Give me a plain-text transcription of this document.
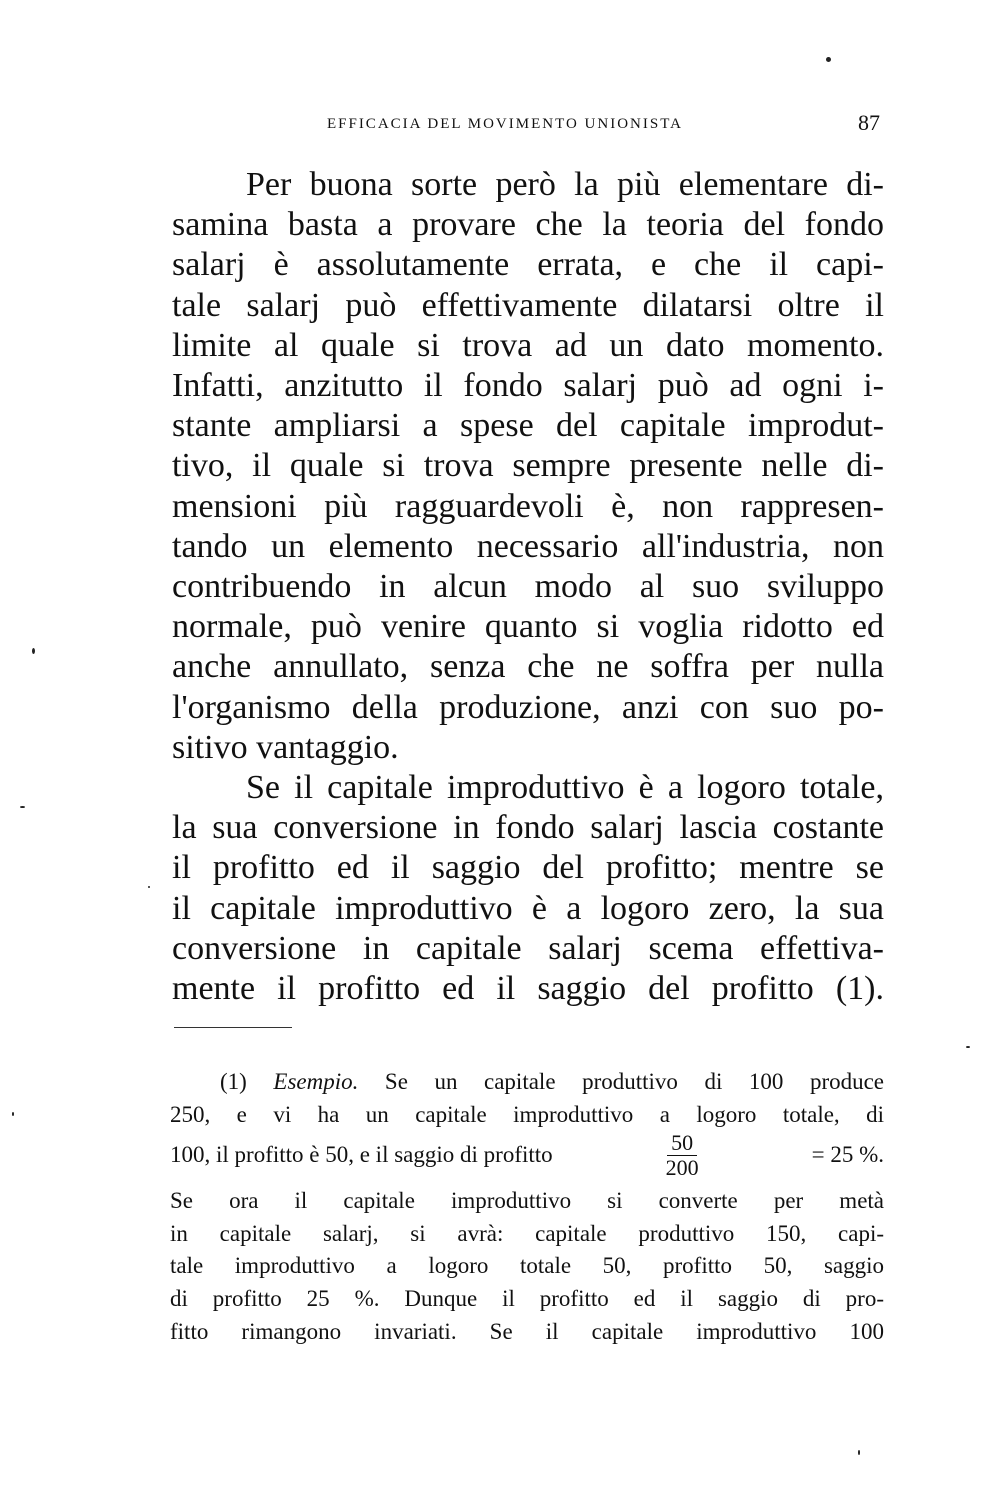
EFFICACIA DEL MOVIMENTO UNIONISTA	87
Per buona sorte però la più elementare di-
samina basta a provare che la teoria del fondo
salarj è assolutamente errata, e che il capi-
tale salarj può effettivamente dilatarsi oltre il
limite al quale si trova ad un dato momento.
Infatti, anzitutto il fondo salarj può ad ogni i-
stante ampliarsi a spese del capitale improdut-
tivo, il quale si trova sempre presente nelle di-
mensioni più ragguardevoli è, non rappresen-
tando un elemento necessario all'industria, non
contribuendo in alcun modo al suo sviluppo
normale, può venire quanto si voglia ridotto ed
anche annullato, senza che ne soffra per nulla
l'organismo della produzione, anzi con suo po-
sitivo vantaggio.
Se il capitale improduttivo è a logoro totale,
la sua conversione in fondo salarj lascia costante
il profitto ed il saggio del profitto; mentre se
il capitale improduttivo è a logoro zero, la sua
conversione in capitale salarj scema effettiva-
mente il profitto ed il saggio del profitto (1).
(1) Esempio. Se un capitale produttivo di 100 produce
250, e vi ha un capitale improduttivo a logoro totale, di
100, il profitto è 50, e il saggio di profitto	$\frac{50}{200}$	= 25 %.
Se ora il capitale improduttivo si converte per metà
in capitale salarj, si avrà: capitale produttivo 150, capi-
tale improduttivo a logoro totale 50, profitto 50, saggio
di profitto 25 %. Dunque il profitto ed il saggio di pro-
fitto rimangono invariati. Se il capitale improduttivo 100
